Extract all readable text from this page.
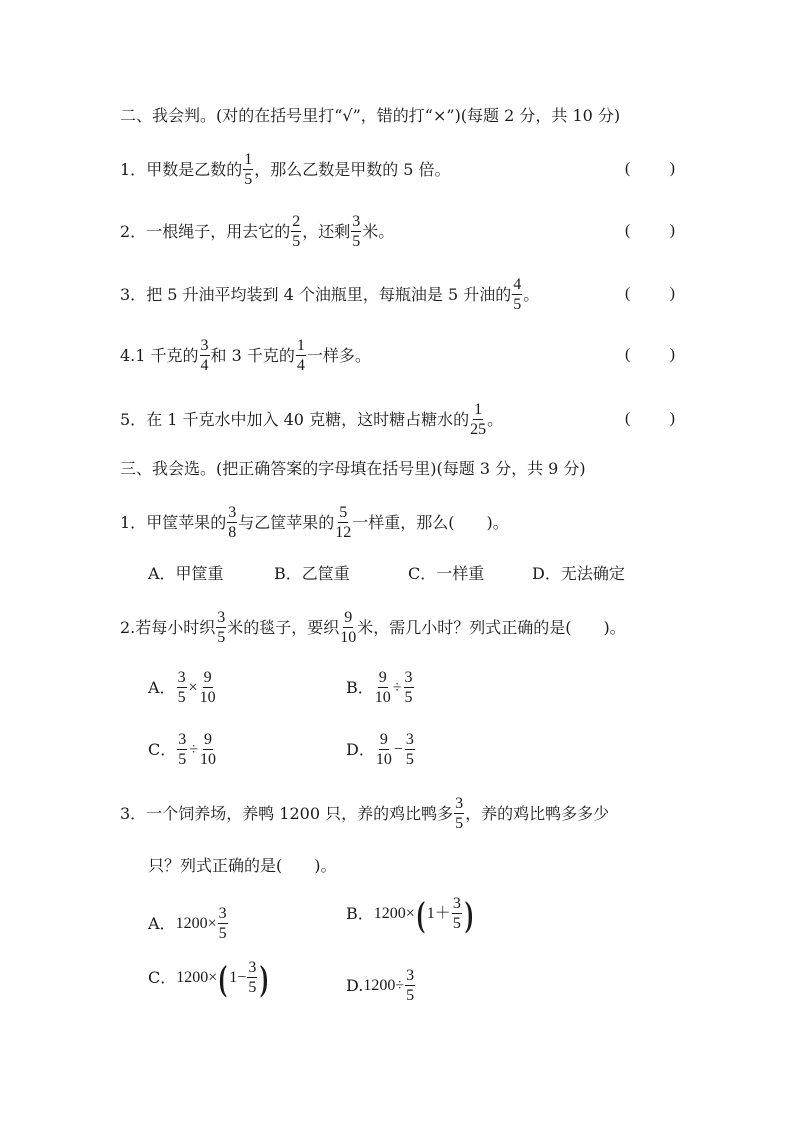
二、我会判。(对的在括号里打“√”，错的打“×”)(每题 2 分，共 10 分)
1． 甲数是乙数的 $\frac{1}{5}$ ，那么乙数是甲数的 5 倍。	( )
2． 一根绳子，用去它的 $\frac{2}{5}$ ，还剩 $\frac{3}{5}$ 米。	( )
3． 把 5 升油平均装到 4 个油瓶里，每瓶油是 5 升油的 $\frac{4}{5}$ 。	( )
4. 1 千克的 $\frac{3}{4}$ 和 3 千克的 $\frac{1}{4}$ 一样多。	( )
5． 在 1 千克水中加入 40 克糖，这时糖占糖水的 $\frac{1}{25}$ 。	( )
三、我会选。(把正确答案的字母填在括号里)(每题 3 分，共 9 分)
1． 甲筐苹果的 $\frac{3}{8}$ 与乙筐苹果的 $\frac{5}{12}$ 一样重，那么(　　)。
A．甲筐重	B．乙筐重	C．一样重	D．无法确定
2. 若每小时织 $\frac{3}{5}$ 米的毯子，要织 $\frac{9}{10}$ 米，需几小时？列式正确的是(　　)。
A． $\frac{3}{5} \times \frac{9}{10}$	B． $\frac{9}{10} \div \frac{3}{5}$
C． $\frac{3}{5} \div \frac{9}{10}$	D． $\frac{9}{10} - \frac{3}{5}$
3． 一个饲养场，养鸭 1200 只，养的鸡比鸭多 $\frac{3}{5}$ ，养的鸡比鸭多多少
只？列式正确的是(　　)。
A． $1200\times \frac{3}{5}$	B． 1200× ( $1+ \frac{3}{5}$ )
C． 1200× ( $1- \frac{3}{5}$ )	D. $1200\div \frac{3}{5}$
